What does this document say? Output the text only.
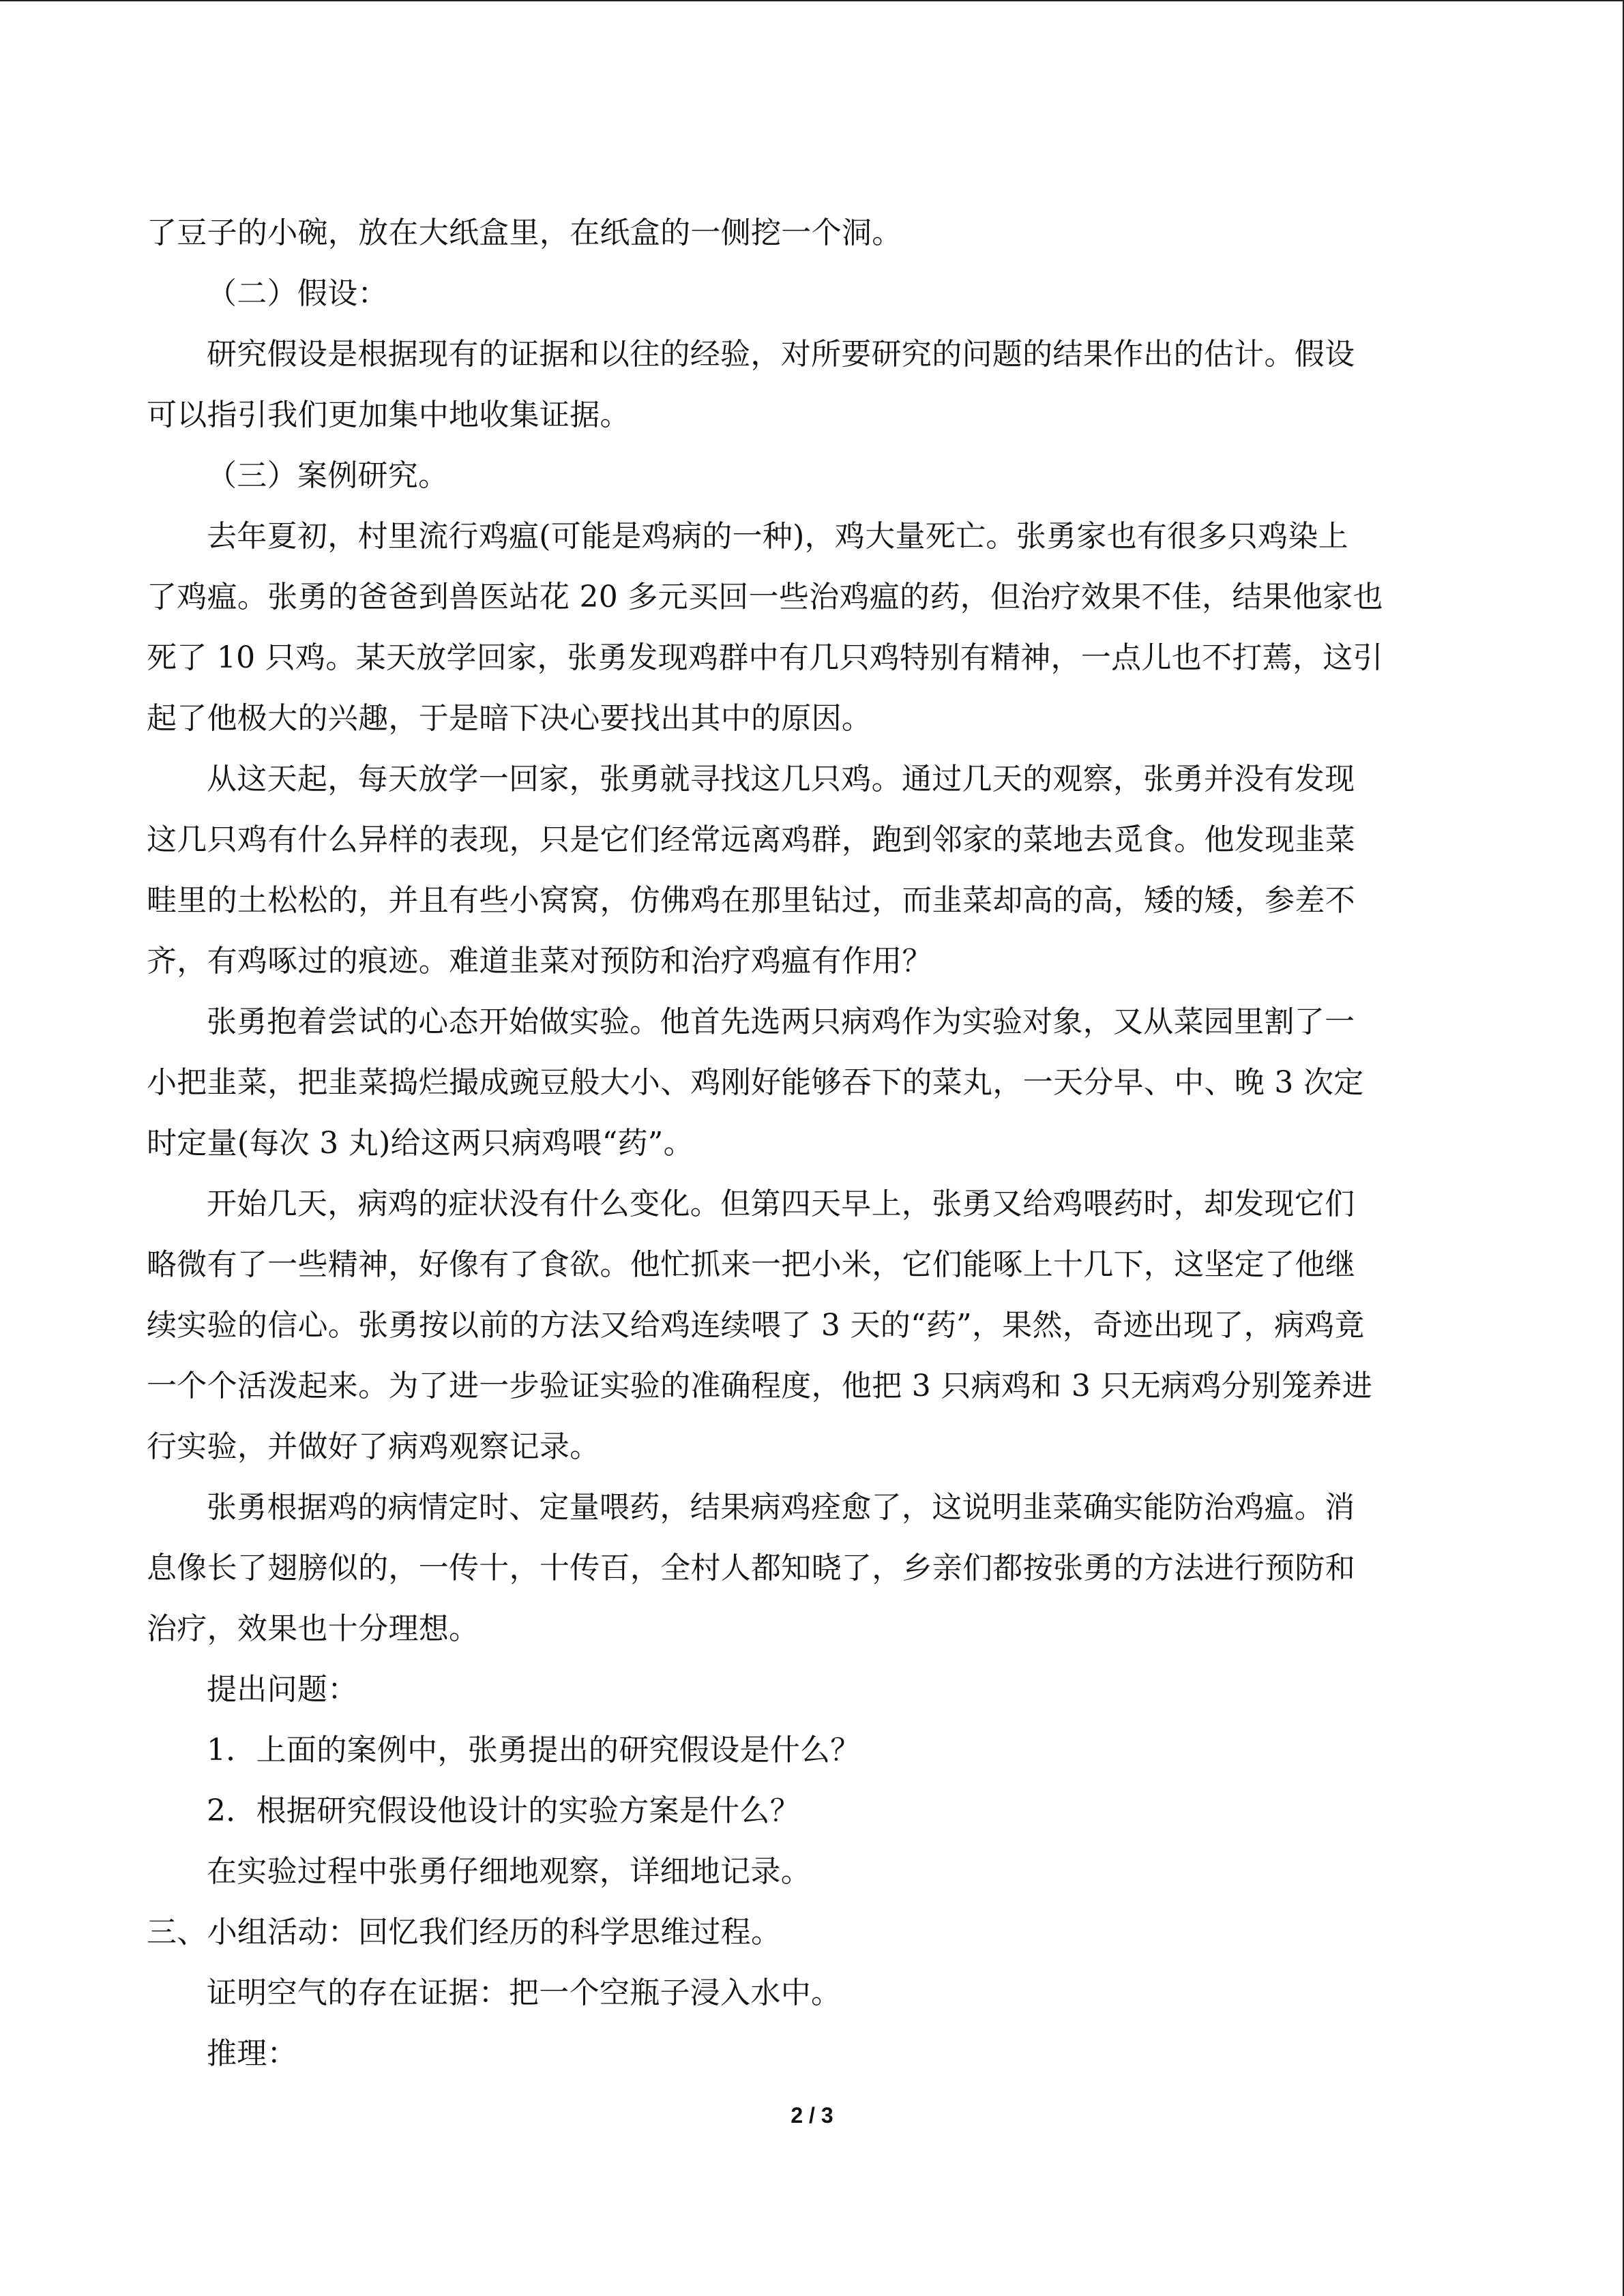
了豆子的小碗，放在大纸盒里，在纸盒的一侧挖一个洞。
（二）假设：
研究假设是根据现有的证据和以往的经验，对所要研究的问题的结果作出的估计。假设
可以指引我们更加集中地收集证据。
（三）案例研究。
去年夏初，村里流行鸡瘟(可能是鸡病的一种)，鸡大量死亡。张勇家也有很多只鸡染上
了鸡瘟。张勇的爸爸到兽医站花 20 多元买回一些治鸡瘟的药，但治疗效果不佳，结果他家也
死了 10 只鸡。某天放学回家，张勇发现鸡群中有几只鸡特别有精神，一点儿也不打蔫，这引
起了他极大的兴趣，于是暗下决心要找出其中的原因。
从这天起，每天放学一回家，张勇就寻找这几只鸡。通过几天的观察，张勇并没有发现
这几只鸡有什么异样的表现，只是它们经常远离鸡群，跑到邻家的菜地去觅食。他发现韭菜
畦里的土松松的，并且有些小窝窝，仿佛鸡在那里钻过，而韭菜却高的高，矮的矮，参差不
齐，有鸡啄过的痕迹。难道韭菜对预防和治疗鸡瘟有作用？
张勇抱着尝试的心态开始做实验。他首先选两只病鸡作为实验对象，又从菜园里割了一
小把韭菜，把韭菜捣烂撮成豌豆般大小、鸡刚好能够吞下的菜丸，一天分早、中、晚 3 次定
时定量(每次 3 丸)给这两只病鸡喂“药”。
开始几天，病鸡的症状没有什么变化。但第四天早上，张勇又给鸡喂药时，却发现它们
略微有了一些精神，好像有了食欲。他忙抓来一把小米，它们能啄上十几下，这坚定了他继
续实验的信心。张勇按以前的方法又给鸡连续喂了 3 天的“药”，果然，奇迹出现了，病鸡竟
一个个活泼起来。为了进一步验证实验的准确程度，他把 3 只病鸡和 3 只无病鸡分别笼养进
行实验，并做好了病鸡观察记录。
张勇根据鸡的病情定时、定量喂药，结果病鸡痊愈了，这说明韭菜确实能防治鸡瘟。消
息像长了翅膀似的，一传十，十传百，全村人都知晓了，乡亲们都按张勇的方法进行预防和
治疗，效果也十分理想。
提出问题：
1．上面的案例中，张勇提出的研究假设是什么？
2．根据研究假设他设计的实验方案是什么？
在实验过程中张勇仔细地观察，详细地记录。
三、小组活动：回忆我们经历的科学思维过程。
证明空气的存在证据：把一个空瓶子浸入水中。
推理：
2 / 3
